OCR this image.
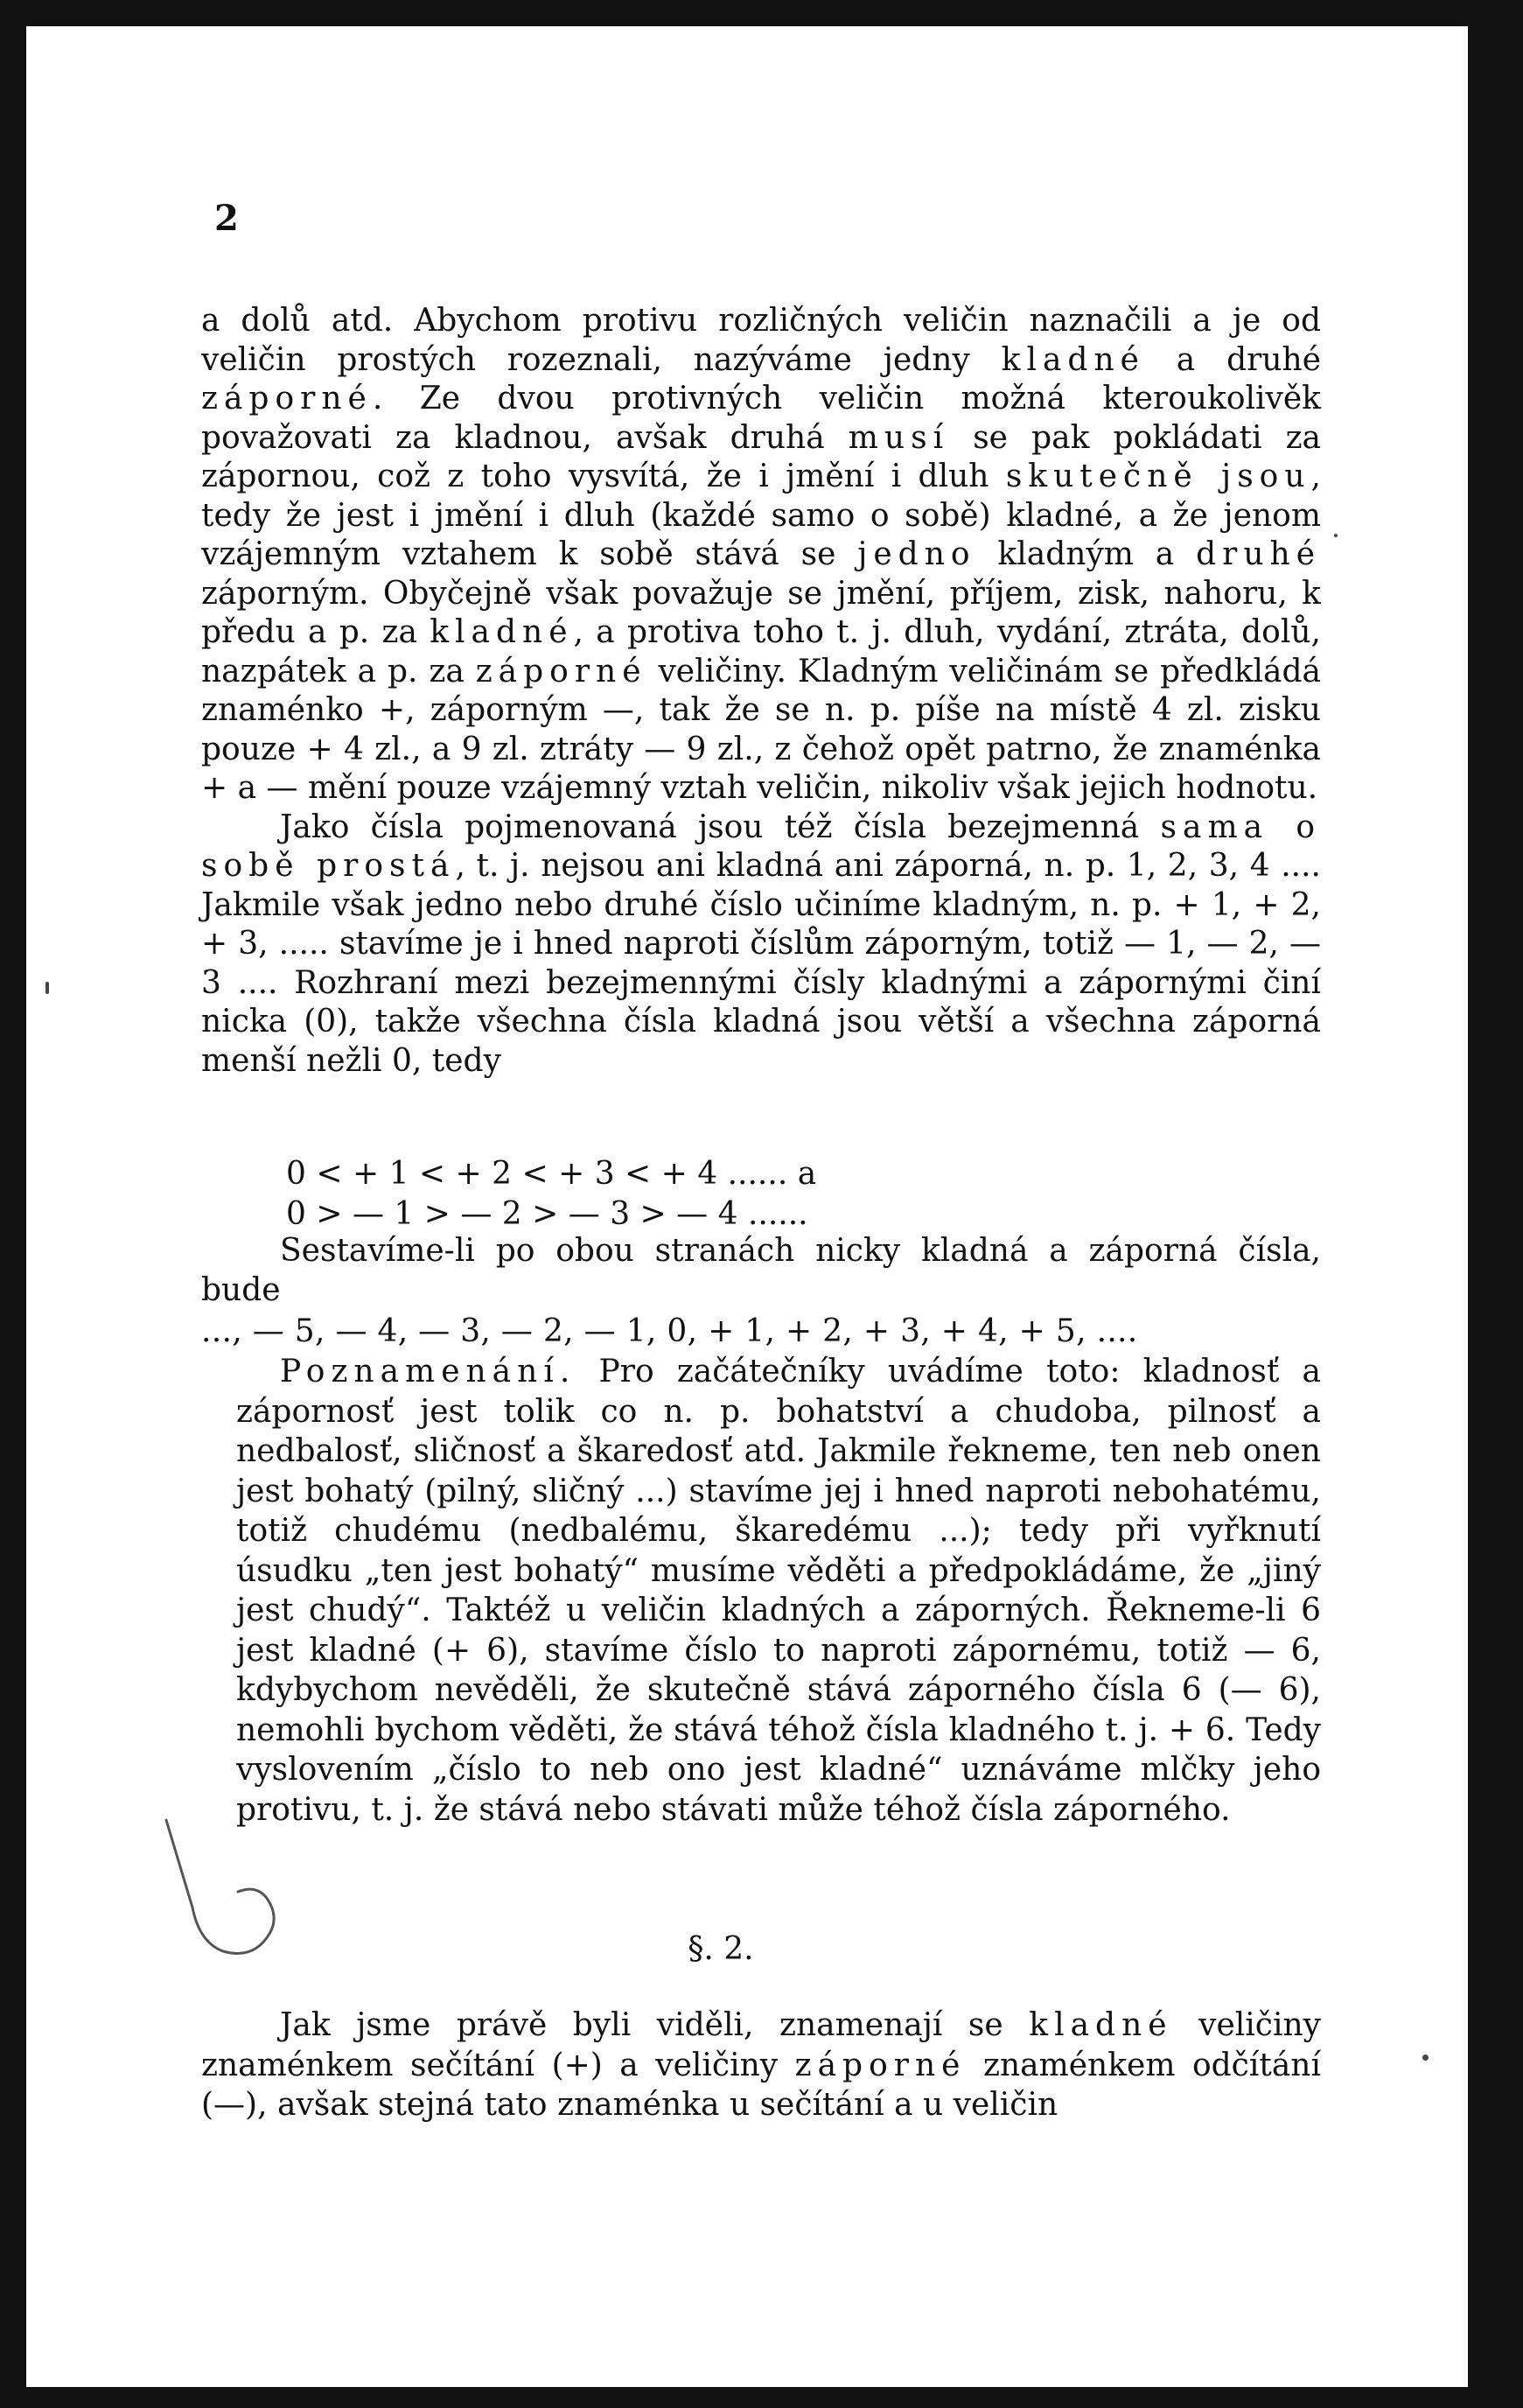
2

a dolů atd. Abychom protivu rozličných veličin naznačili a je od veličin prostých rozeznali, nazýváme jedny kladné a druhé záporné. Ze dvou protivných veličin možná kteroukolivěk považovati za kladnou, avšak druhá musí se pak pokládati za zápornou, což z toho vysvítá, že i jmění i dluh skutečně jsou, tedy že jest i jmění i dluh (každé samo o sobě) kladné, a že jenom vzájemným vztahem k sobě stává se jedno kladným a druhé záporným. Obyčejně však považuje se jmění, příjem, zisk, nahoru, k předu a p. za kladné, a protiva toho t. j. dluh, vydání, ztráta, dolů, nazpátek a p. za záporné veličiny. Kladným veličinám se předkládá znaménko +, záporným —, tak že se n. p. píše na místě 4 zl. zisku pouze + 4 zl., a 9 zl. ztráty — 9 zl., z čehož opět patrno, že znaménka + a — mění pouze vzájemný vztah veličin, nikoliv však jejich hodnotu.

Jako čísla pojmenovaná jsou též čísla bezejmenná sama o sobě prostá, t. j. nejsou ani kladná ani záporná, n. p. 1, 2, 3, 4 .... Jakmile však jedno nebo druhé číslo učiníme kladným, n. p. + 1, + 2, + 3, ..... stavíme je i hned naproti číslům záporným, totiž — 1, — 2, — 3 .... Rozhraní mezi bezejmennými čísly kladnými a zápornými činí nicka (0), takže všechna čísla kladná jsou větší a všechna záporná menší nežli 0, tedy

0 < + 1 < + 2 < + 3 < + 4 ...... a
0 > — 1 > — 2 > — 3 > — 4 ......

Sestavíme-li po obou stranách nicky kladná a záporná čísla, bude

..., — 5, — 4, — 3, — 2, — 1, 0, + 1, + 2, + 3, + 4, + 5, ....

Poznamenání. Pro začátečníky uvádíme toto: kladnosť a zápornosť jest tolik co n. p. bohatství a chudoba, pilnosť a nedbalosť, sličnosť a škaredosť atd. Jakmile řekneme, ten neb onen jest bohatý (pilný, sličný ...) stavíme jej i hned naproti nebohatému, totiž chudému (nedbalému, škaredému ...); tedy při vyřknutí úsudku „ten jest bohatý“ musíme věděti a předpokládáme, že „jiný jest chudý“. Taktéž u veličin kladných a záporných. Řekneme-li 6 jest kladné (+ 6), stavíme číslo to naproti zápornému, totiž — 6, kdybychom nevěděli, že skutečně stává záporného čísla 6 (— 6), nemohli bychom věděti, že stává téhož čísla kladného t. j. + 6. Tedy vyslovením „číslo to neb ono jest kladné“ uznáváme mlčky jeho protivu, t. j. že stává nebo stávati může téhož čísla záporného.

§. 2.

Jak jsme právě byli viděli, znamenají se kladné veličiny znaménkem sečítání (+) a veličiny záporné znaménkem odčítání (—), avšak stejná tato znaménka u sečítání a u veličin
